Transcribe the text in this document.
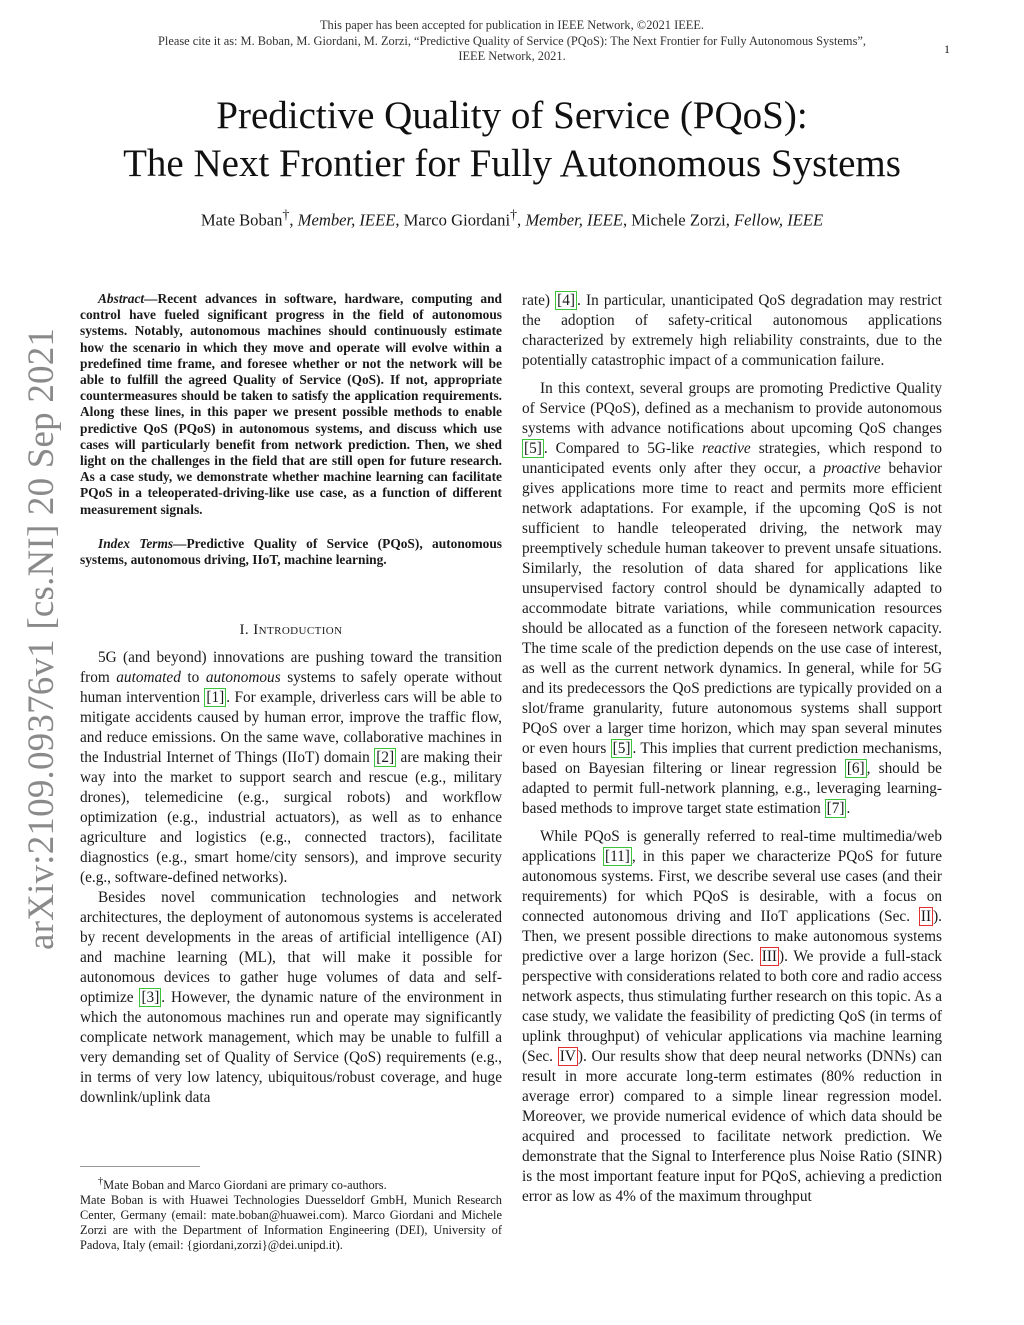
This paper has been accepted for publication in IEEE Network, ©2021 IEEE.
Please cite it as: M. Boban, M. Giordani, M. Zorzi, “Predictive Quality of Service (PQoS): The Next Frontier for Fully Autonomous Systems”,
IEEE Network, 2021.	1
arXiv:2109.09376v1 [cs.NI] 20 Sep 2021
Predictive Quality of Service (PQoS):
The Next Frontier for Fully Autonomous Systems
Mate Boban†, Member, IEEE, Marco Giordani†, Member, IEEE, Michele Zorzi, Fellow, IEEE
Abstract—Recent advances in software, hardware, computing and control have fueled significant progress in the field of autonomous systems. Notably, autonomous machines should continuously estimate how the scenario in which they move and operate will evolve within a predefined time frame, and foresee whether or not the network will be able to fulfill the agreed Quality of Service (QoS). If not, appropriate countermeasures should be taken to satisfy the application requirements. Along these lines, in this paper we present possible methods to enable predictive QoS (PQoS) in autonomous systems, and discuss which use cases will particularly benefit from network prediction. Then, we shed light on the challenges in the field that are still open for future research. As a case study, we demonstrate whether machine learning can facilitate PQoS in a teleoperated-driving-like use case, as a function of different measurement signals.
Index Terms—Predictive Quality of Service (PQoS), autonomous systems, autonomous driving, IIoT, machine learning.
I. Introduction

5G (and beyond) innovations are pushing toward the transition from automated to autonomous systems to safely operate without human intervention [1] . For example, driverless cars will be able to mitigate accidents caused by human error, improve the traffic flow, and reduce emissions. On the same wave, collaborative machines in the Industrial Internet of Things (IIoT) domain [2] are making their way into the market to support search and rescue (e.g., military drones), telemedicine (e.g., surgical robots) and workflow optimization (e.g., industrial actuators), as well as to enhance agriculture and logistics (e.g., connected tractors), facilitate diagnostics (e.g., smart home/city sensors), and improve security (e.g., software-defined networks).

Besides novel communication technologies and network architectures, the deployment of autonomous systems is accelerated by recent developments in the areas of artificial intelligence (AI) and machine learning (ML), that will make it possible for autonomous devices to gather huge volumes of data and self-optimize [3] . However, the dynamic nature of the environment in which the autonomous machines run and operate may significantly complicate network management, which may be unable to fulfill a very demanding set of Quality of Service (QoS) requirements (e.g., in terms of very low latency, ubiquitous/robust coverage, and huge downlink/uplink data

†Mate Boban and Marco Giordani are primary co-authors.

Mate Boban is with Huawei Technologies Duesseldorf GmbH, Munich Research Center, Germany (email: mate.boban@huawei.com). Marco Giordani and Michele Zorzi are with the Department of Information Engineering (DEI), University of Padova, Italy (email: {giordani,zorzi}@dei.unipd.it).

rate) [4] . In particular, unanticipated QoS degradation may restrict the adoption of safety-critical autonomous applications characterized by extremely high reliability constraints, due to the potentially catastrophic impact of a communication failure.

In this context, several groups are promoting Predictive Quality of Service (PQoS), defined as a mechanism to provide autonomous systems with advance notifications about upcoming QoS changes [5] . Compared to 5G-like reactive strategies, which respond to unanticipated events only after they occur, a proactive behavior gives applications more time to react and permits more efficient network adaptations. For example, if the upcoming QoS is not sufficient to handle teleoperated driving, the network may preemptively schedule human takeover to prevent unsafe situations. Similarly, the resolution of data shared for applications like unsupervised factory control should be dynamically adapted to accommodate bitrate variations, while communication resources should be allocated as a function of the foreseen network capacity. The time scale of the prediction depends on the use case of interest, as well as the current network dynamics. In general, while for 5G and its predecessors the QoS predictions are typically provided on a slot/frame granularity, future autonomous systems shall support PQoS over a larger time horizon, which may span several minutes or even hours [5] . This implies that current prediction mechanisms, based on Bayesian filtering or linear regression [6] , should be adapted to permit full-network planning, e.g., leveraging learning-based methods to improve target state estimation [7] .

While PQoS is generally referred to real-time multimedia/web applications [11] , in this paper we characterize PQoS for future autonomous systems. First, we describe several use cases (and their requirements) for which PQoS is desirable, with a focus on connected autonomous driving and IIoT applications (Sec. II ). Then, we present possible directions to make autonomous systems predictive over a large horizon (Sec. III ). We provide a full-stack perspective with considerations related to both core and radio access network aspects, thus stimulating further research on this topic. As a case study, we validate the feasibility of predicting QoS (in terms of uplink throughput) of vehicular applications via machine learning (Sec. IV ). Our results show that deep neural networks (DNNs) can result in more accurate long-term estimates (80% reduction in average error) compared to a simple linear regression model. Moreover, we provide numerical evidence of which data should be acquired and processed to facilitate network prediction. We demonstrate that the Signal to Interference plus Noise Ratio (SINR) is the most important feature input for PQoS, achieving a prediction error as low as 4% of the maximum throughput
